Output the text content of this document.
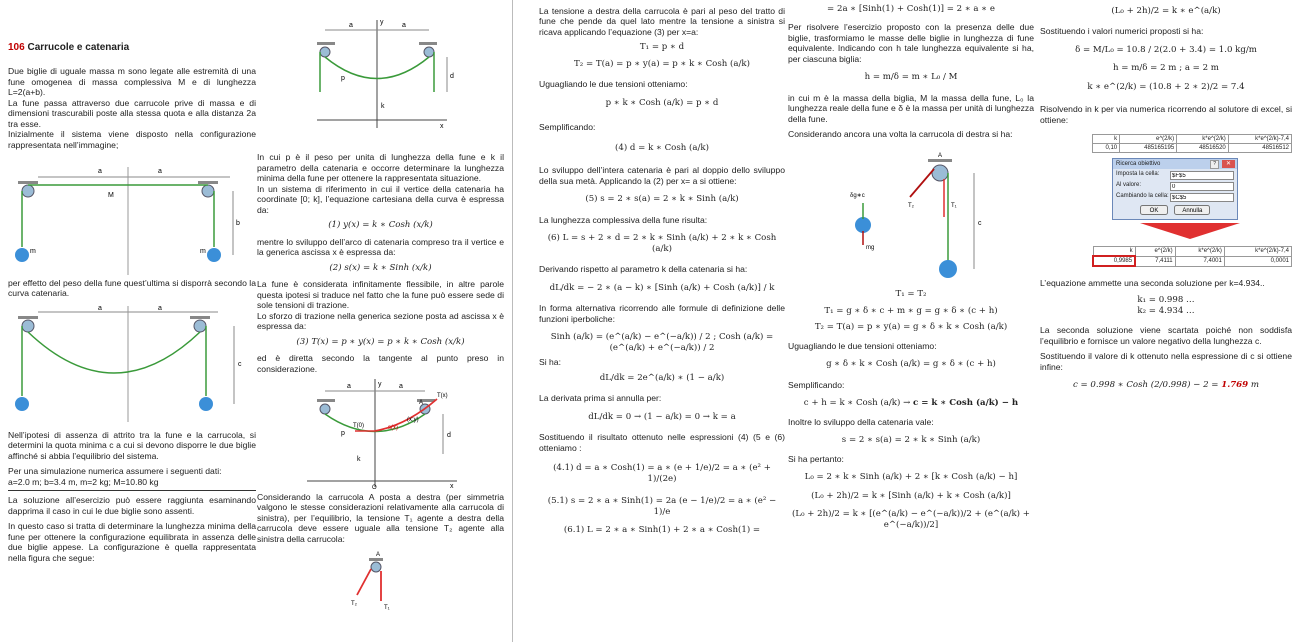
106 Carrucole e catenaria

Due biglie di uguale massa m sono legate alle estremità di una fune omogenea di massa complessiva M e di lunghezza L=2(a+b).

La fune passa attraverso due carrucole prive di massa e di dimensioni trascurabili poste alla stessa quota e alla distanza 2a tra esse.

Inizialmente il sistema viene disposto nella configurazione rappresentata nell’immagine;

a	a
M
m	m
b

per effetto del peso della fune quest’ultima si disporrà secondo la curva catenaria.

a	a
c

Nell’ipotesi di assenza di attrito tra la fune e la carrucola, si determini la quota minima c a cui si devono disporre le due biglie affinché si abbia l’equilibrio del sistema.

Per una simulazione numerica assumere i seguenti dati:

a=2.0 m; b=3.4 m, m=2 kg; M=10.80 kg

La soluzione all’esercizio può essere raggiunta esaminando dapprima il caso in cui le due biglie sono assenti.

In questo caso si tratta di determinare la lunghezza minima della fune per ottenere la configurazione equilibrata in assenza delle due biglie appese. La configurazione è quella rappresentata nella figura che segue:

y
x
a	a
p	d
k

In cui p è il peso per unita di lunghezza della fune e k il parametro della catenaria e occorre determinare la lunghezza minima della fune per ottenere la rappresentata situazione.

In un sistema di riferimento in cui il vertice della catenaria ha coordinate [0; k], l’equazione cartesiana della curva è espressa da:

(1) y(x) = k ∗ Cosh (x/k)

mentre lo sviluppo dell’arco di catenaria compreso tra il vertice e la generica ascissa x è espressa da:

(2) s(x) = k ∗ Sinh (x/k)

La fune è considerata infinitamente flessibile, in altre parole questa ipotesi si traduce nel fatto che la fune può essere sede di sole tensioni di trazione.

Lo sforzo di trazione nella generica sezione posta ad ascissa x è espressa da:

(3) T(x) = p ∗ y(x) = p ∗ k ∗ Cosh (x/k)

ed è diretta secondo la tangente al punto preso in considerazione.

y
x
O
a	a
A
T(x)
(x;y)
s(x)
T(0)
p	d
k

Considerando la carrucola A posta a destra (per simmetria valgono le stesse considerazioni relativamente alla carrucola di sinistra), per l’equilibrio, la tensione T₁ agente a destra della carrucola deve essere uguale alla tensione T₂ agente alla sinistra della carrucola:

A
T₂
T₁

La tensione a destra della carrucola è pari al peso del tratto di fune che pende da quel lato mentre la tensione a sinistra si ricava applicando l’equazione (3) per x=a:

T₁ = p ∗ d
T₂ = T(a) = p ∗ y(a) = p ∗ k ∗ Cosh (a/k)

Uguagliando le due tensioni otteniamo:

p ∗ k ∗ Cosh (a/k) = p ∗ d

Semplificando:

(4) d = k ∗ Cosh (a/k)

Lo sviluppo dell’intera catenaria è pari al doppio dello sviluppo della sua metà. Applicando la (2) per x= a si ottiene:

(5) s = 2 ∗ s(a) = 2 ∗ k ∗ Sinh (a/k)

La lunghezza complessiva della fune risulta:

(6) L = s + 2 ∗ d = 2 ∗ k ∗ Sinh (a/k) + 2 ∗ k ∗ Cosh (a/k)

Derivando rispetto al parametro k della catenaria si ha:

dL/dk = − 2 ∗ (a − k) ∗ [Sinh (a/k) + Cosh (a/k)] / k

In forma alternativa ricorrendo alle formule di definizione delle funzioni iperboliche:

Sinh (a/k) = (e^(a/k) − e^(−a/k)) / 2 ; Cosh (a/k) = (e^(a/k) + e^(−a/k)) / 2

Si ha:

dL/dk = 2e^(a/k) ∗ (1 − a/k)

La derivata prima si annulla per:

dL/dk = 0 → (1 − a/k) = 0 → k = a

Sostituendo il risultato ottenuto nelle espressioni (4) (5 e (6) otteniamo :

(4.1) d = a ∗ Cosh(1) = a ∗ (e + 1/e)/2 = a ∗ (e² + 1)/(2e)
(5.1) s = 2 ∗ a ∗ Sinh(1) = 2a (e − 1/e)/2 = a ∗ (e² − 1)/e
(6.1) L = 2 ∗ a ∗ Sinh(1) + 2 ∗ a ∗ Cosh(1) =
= 2a ∗ [Sinh(1) + Cosh(1)] = 2 ∗ a ∗ e

Per risolvere l’esercizio proposto con la presenza delle due biglie, trasformiamo le masse delle biglie in lunghezza di fune equivalente. Indicando con h tale lunghezza equivalente si ha, per ciascuna biglia:

h = m/δ = m ∗ L₀ / M

in cui m è la massa della biglia, M la massa della fune, L₀ la lunghezza reale della fune e δ è la massa per unità di lunghezza della fune.

Considerando ancora una volta la carrucola di destra si ha:

A
T₂	T₁
c
δg∗c
mg
T₁ = T₂
T₁ = g ∗ δ ∗ c + m ∗ g = g ∗ δ ∗ (c + h)
T₂ = T(a) = p ∗ y(a) = g ∗ δ ∗ k ∗ Cosh (a/k)

Uguagliando le due tensioni otteniamo:

g ∗ δ ∗ k ∗ Cosh (a/k) = g ∗ δ ∗ (c + h)

Semplificando:

c + h = k ∗ Cosh (a/k) → c = k ∗ Cosh (a/k) − h

Inoltre lo sviluppo della catenaria vale:

s = 2 ∗ s(a) = 2 ∗ k ∗ Sinh (a/k)

Si ha pertanto:

L₀ = 2 ∗ k ∗ Sinh (a/k) + 2 ∗ [k ∗ Cosh (a/k) − h]
(L₀ + 2h)/2 = k ∗ [Sinh (a/k) + k ∗ Cosh (a/k)]
(L₀ + 2h)/2 = k ∗ [(e^(a/k) − e^(−a/k))/2 + (e^(a/k) + e^(−a/k))/2]
(L₀ + 2h)/2 = k ∗ e^(a/k)

Sostituendo i valori numerici proposti si ha:

δ = M/L₀ = 10.8 / 2(2.0 + 3.4) = 1.0 kg/m
h = m/δ = 2 m ; a = 2 m
k ∗ e^(2/k) = (10.8 + 2 ∗ 2)/2 = 7.4

Risolvendo in k per via numerica ricorrendo al solutore di excel, si ottiene:

k	e^(2/k)	k*e^(2/k)	k*e^(2/k)-7,4
0,10	485165195	48516520	48516512
Ricerca obiettivo	✕
?
Imposta la cella:
$F$5
Al valore:
0
Cambiando la cella:
$C$5
OK	Annulla
k	e^(2/k)	k*e^(2/k)	k*e^(2/k)-7,4
0,9985	7,4111	7,4001	0,0001

L’equazione ammette una seconda soluzione per k=4.934..

k₁ = 0.998 …
k₂ = 4.934 …

La seconda soluzione viene scartata poiché non soddisfa l’equilibrio e fornisce un valore negativo della lunghezza c.

Sostituendo il valore di k ottenuto nella espressione di c si ottiene infine:

c = 0.998 ∗ Cosh (2/0.998) − 2 = 1.769 m
